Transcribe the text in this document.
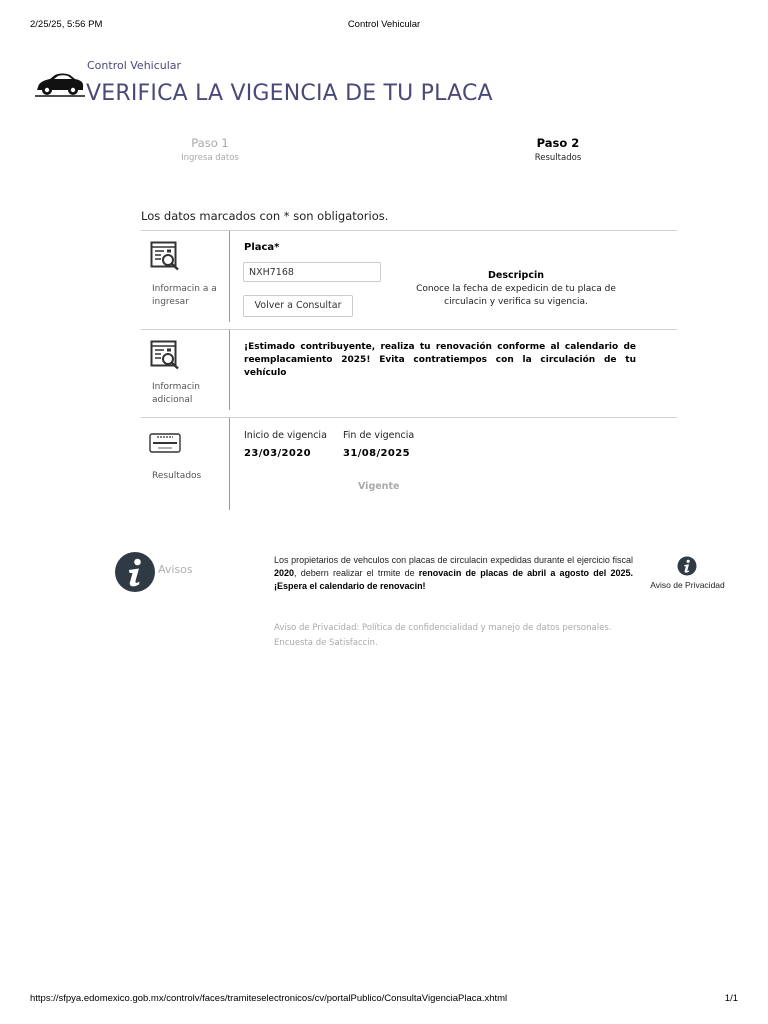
2/25/25, 5:56 PM	Control Vehicular
Control Vehicular
VERIFICA LA VIGENCIA DE TU PLACA
Paso 1
Ingresa datos
Paso 2
Resultados
Los datos marcados con * son obligatorios.
Informacin a a ingresar
Placa*
NXH7168
Volver a Consultar
Descripcin
Conoce la fecha de expedicin de tu placa de circulacin y verifica su vigencia.
Informacin adicional
¡Estimado contribuyente, realiza tu renovación conforme al calendario de reemplacamiento 2025! Evita contratiempos con la circulación de tu vehículo
Resultados
Inicio de vigencia Fin de vigencia
23/03/2020	31/08/2025
Vigente
Avisos
Los propietarios de vehculos con placas de circulacin expedidas durante el ejercicio fiscal 2020, debern realizar el trmite de renovacin de placas de abril a agosto del 2025. ¡Espera el calendario de renovacin!	Aviso de Privacidad
Aviso de Privacidad: Política de confidencialidad y manejo de datos personales.
Encuesta de Satisfaccin.
https://sfpya.edomexico.gob.mx/controlv/faces/tramiteselectronicos/cv/portalPublico/ConsultaVigenciaPlaca.xhtml	1/1
